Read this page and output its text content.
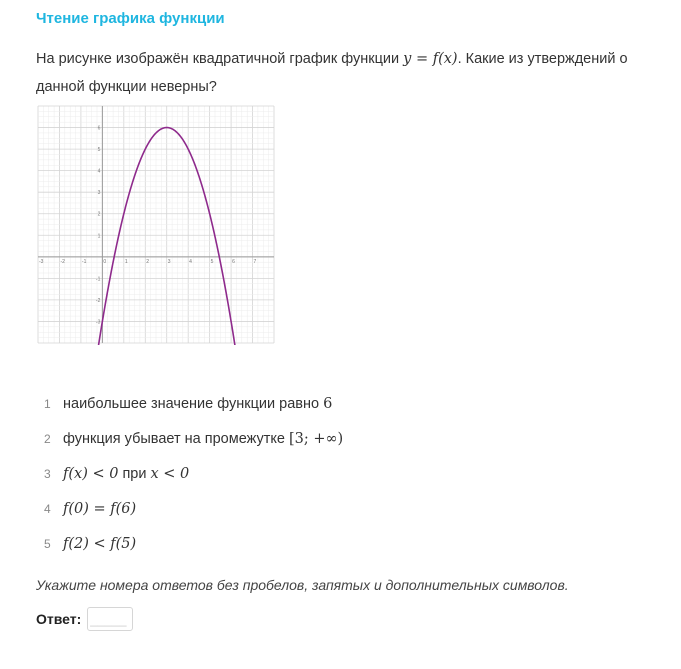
Чтение графика функции
На рисунке изображён квадратичной график функции y = f(x). Какие из утверждений о данной функции неверны?
-3	-2	-1	0	1	2	3	4	5	6	7
-3
-2
-1
1
2
3
4
5
6
1 наибольшее значение функции равно 6
2 функция убывает на промежутке [3; +∞)
3 f(x) < 0 при x < 0
4 f(0) = f(6)
5 f(2) < f(5)
Укажите номера ответов без пробелов, запятых и дополнительных символов.
Ответ:
_____
